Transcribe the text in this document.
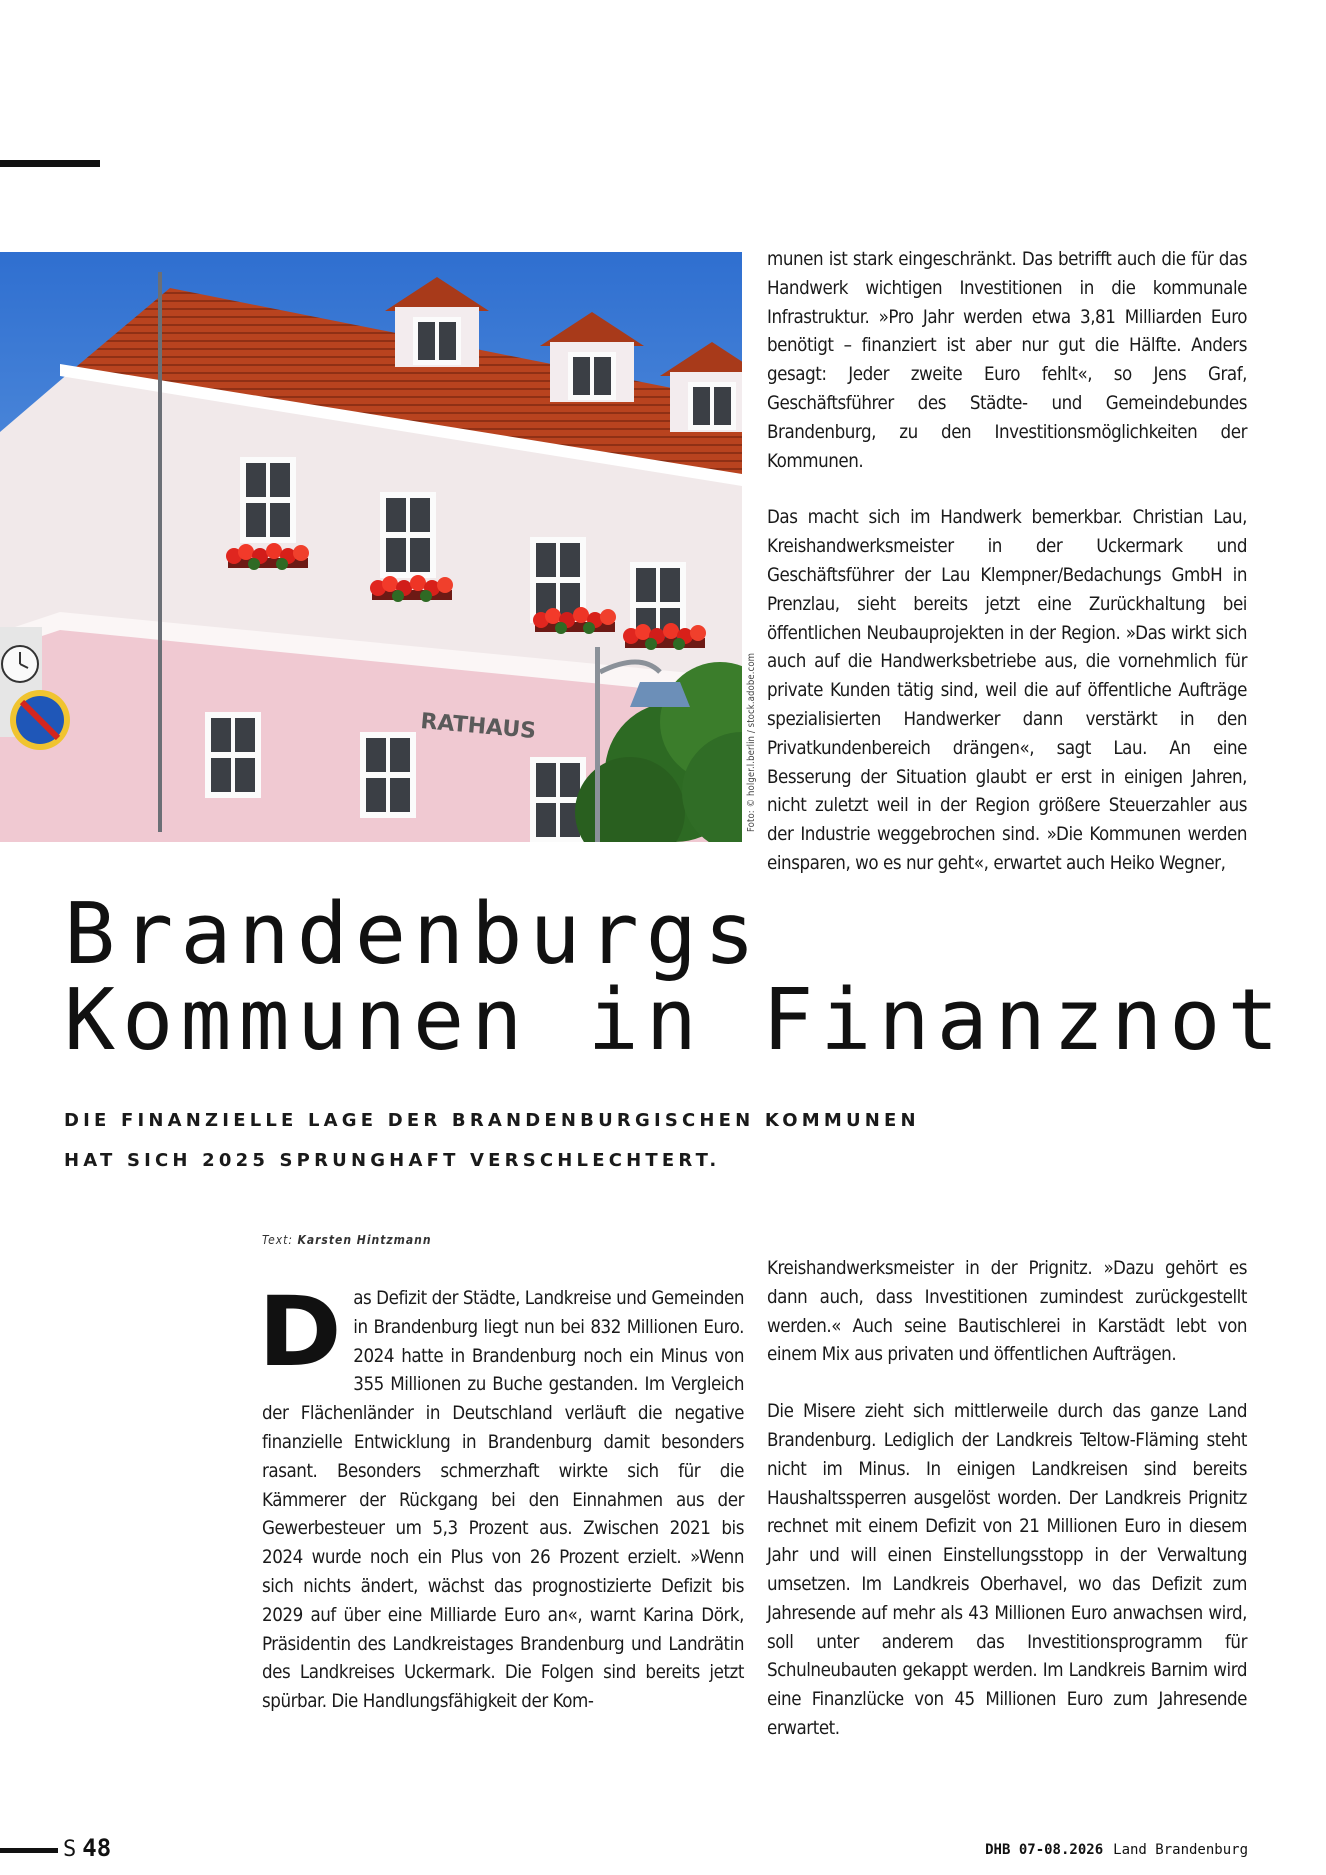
RATHAUS	Foto: © holger.l.berlin / stock.adobe.com

munen ist stark eingeschränkt. Das betrifft auch die für das Handwerk wichtigen Investitionen in die kommunale Infrastruktur. »Pro Jahr werden etwa 3,81 Milliarden Euro benötigt – finanziert ist aber nur gut die Hälfte. Anders gesagt: Jeder zweite Euro fehlt«, so Jens Graf, Geschäftsführer des Städte- und Gemeindebundes Brandenburg, zu den Investitionsmöglichkeiten der Kommunen.

Das macht sich im Handwerk bemerkbar. Christian Lau, Kreishandwerksmeister in der Uckermark und Geschäftsführer der Lau Klempner/Bedachungs GmbH in Prenzlau, sieht bereits jetzt eine Zurückhaltung bei öffentlichen Neubauprojekten in der Region. »Das wirkt sich auch auf die Handwerksbetriebe aus, die vornehmlich für private Kunden tätig sind, weil die auf öffentliche Aufträge spezialisierten Handwerker dann verstärkt in den Privatkundenbereich drängen«, sagt Lau. An eine Besserung der Situation glaubt er erst in einigen Jahren, nicht zuletzt weil in der Region größere Steuerzahler aus der Industrie weggebrochen sind. »Die Kommunen werden einsparen, wo es nur geht«, erwartet auch Heiko Wegner,

Brandenburgs
Kommunen in Finanznot
DIE FINANZIELLE LAGE DER BRANDENBURGISCHEN KOMMUNEN
HAT SICH 2025 SPRUNGHAFT VERSCHLECHTERT.
Text: Karsten Hintzmann
D as Defizit der Städte, Landkreise und Gemeinden in Brandenburg liegt nun bei 832 Millionen Euro. 2024 hatte in Brandenburg noch ein Minus von 355 Millionen zu Buche gestanden. Im Vergleich der Flächenländer in Deutschland verläuft die negative finanzielle Entwicklung in Brandenburg damit besonders rasant. Besonders schmerzhaft wirkte sich für die Kämmerer der Rückgang bei den Einnahmen aus der Gewerbesteuer um 5,3 Prozent aus. Zwischen 2021 bis 2024 wurde noch ein Plus von 26 Prozent erzielt. »Wenn sich nichts ändert, wächst das prognostizierte Defizit bis 2029 auf über eine Milliarde Euro an«, warnt Karina Dörk, Präsidentin des Landkreistages Brandenburg und Landrätin des Landkreises Uckermark. Die Folgen sind bereits jetzt spürbar. Die Handlungsfähigkeit der Kom-

Kreishandwerksmeister in der Prignitz. »Dazu gehört es dann auch, dass Investitionen zumindest zurückgestellt werden.« Auch seine Bautischlerei in Karstädt lebt von einem Mix aus privaten und öffentlichen Aufträgen.

Die Misere zieht sich mittlerweile durch das ganze Land Brandenburg. Lediglich der Landkreis Teltow-Fläming steht nicht im Minus. In einigen Landkreisen sind bereits Haushaltssperren ausgelöst worden. Der Landkreis Prignitz rechnet mit einem Defizit von 21 Millionen Euro in diesem Jahr und will einen Einstellungsstopp in der Verwaltung umsetzen. Im Landkreis Oberhavel, wo das Defizit zum Jahresende auf mehr als 43 Millionen Euro anwachsen wird, soll unter anderem das Investitionsprogramm für Schulneubauten gekappt werden. Im Landkreis Barnim wird eine Finanzlücke von 45 Millionen Euro zum Jahresende erwartet.

S 48	DHB 07-08.2026 Land Brandenburg
